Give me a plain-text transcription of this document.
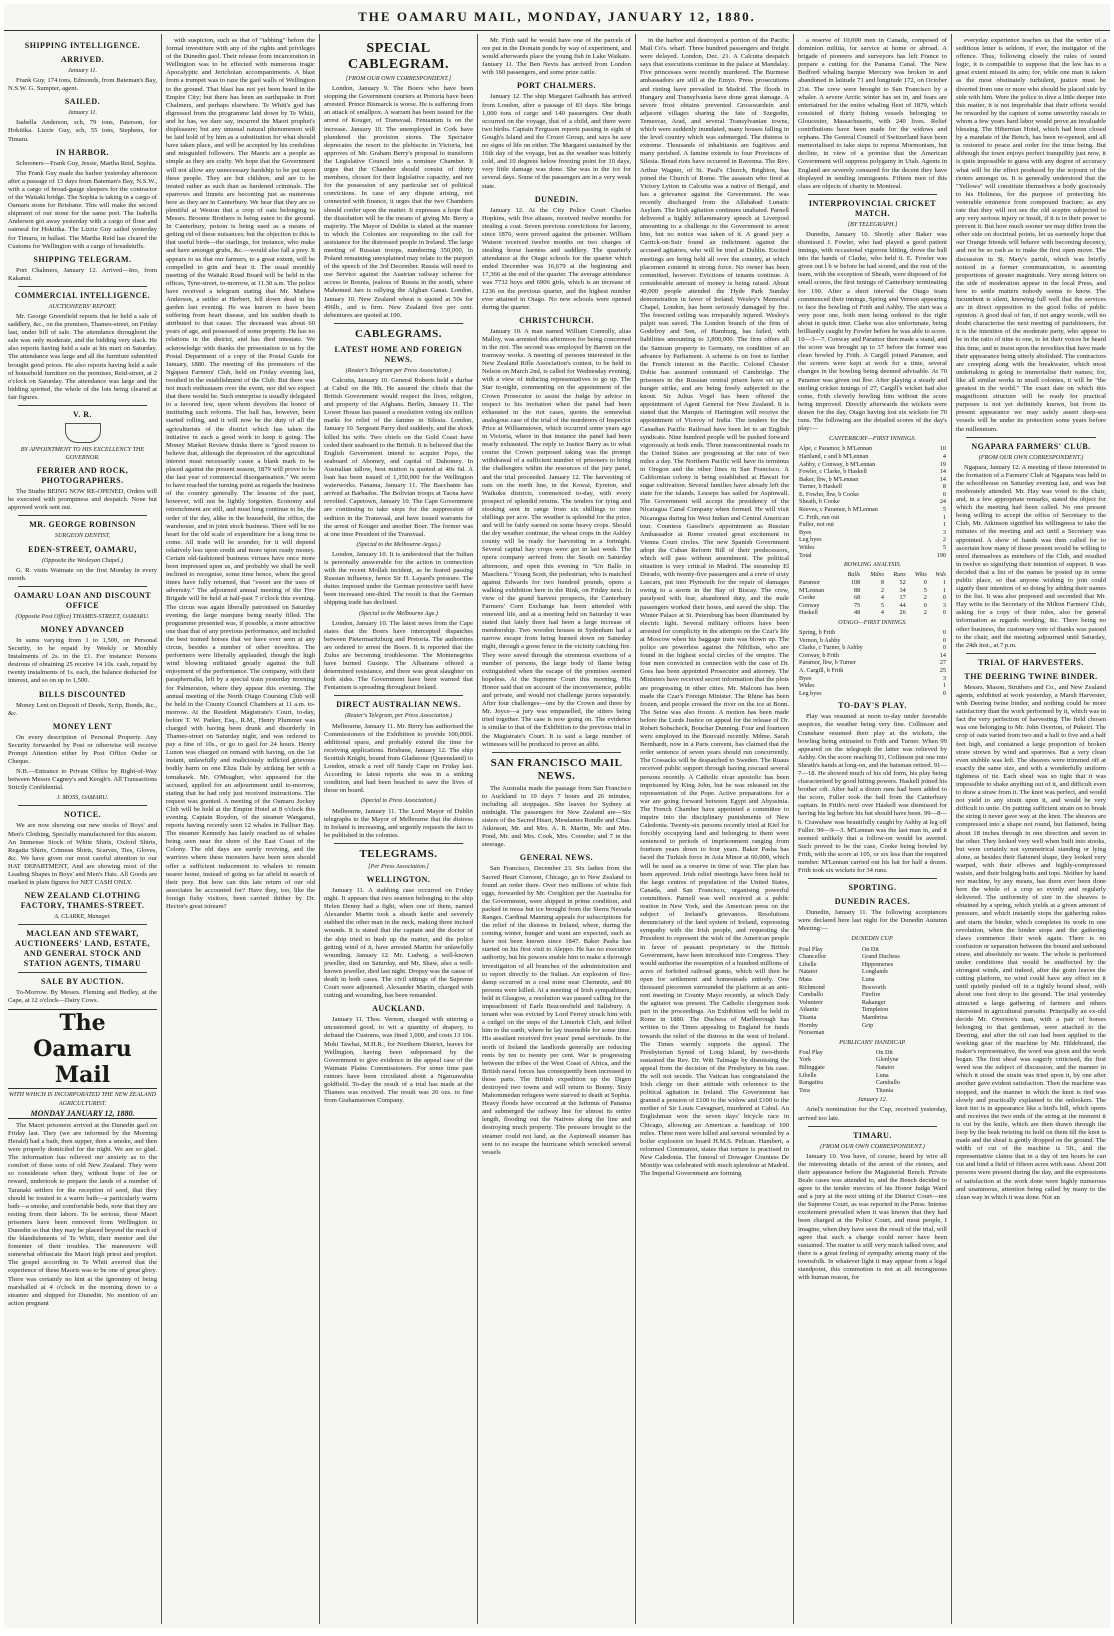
THE OAMARU MAIL, MONDAY, JANUARY 12, 1880.
SHIPPING INTELLIGENCE.
ARRIVED.
January 11.

Frank Guy, 174 tons, Edmonds, from Bateman's Bay, N.S.W. G. Sumpter, agent.

SAILED.
January 11.

Isabella Anderson, sch, 79 tons, Paterson, for Hokitika. Lizzie Guy, sch, 55 tons, Stephens, for Timaru.

IN HARBOR.

Schooners—Frank Guy, Jessie, Martha Reid, Sophia.

The Frank Guy made the harbor yesterday afternoon after a passage of 13 days from Bateman's Bay, N.S.W., with a cargo of broad-gauge sleepers for the contractor of the Waitaki bridge. The Sophia is taking in a cargo of Oamaru stone for Brisbane. This will make the second shipment of our stone for the same port. The Isabella Anderson got away yesterday with a cargo of flour and oatmeal for Hokitika. The Lizzie Guy sailed yesterday for Timaru, in ballast. The Martha Reid has cleared the Customs for Wellington with a cargo of breadstuffs.

SHIPPING TELEGRAM.

Port Chalmers, January 12. Arrived—Ino, from Kakanui.

COMMERCIAL INTELLIGENCE.
AUCTIONEERS' REPORT.

Mr. George Greenfield reports that he held a sale of saddlery, &c., on the premises, Thames-street, on Friday last, under bill of sale. The attendance throughout the sale was only moderate, and the bidding very slack. He also reports having held a sale at his mart on Saturday. The attendance was large and all the furniture submitted brought good prices. He also reports having held a sale of household furniture on the premises, Reid-street, at 2 o'clock on Saturday. The attendance was large and the bidding spirited, the whole of the lots being cleared at fair figures.

V. R.
BY APPOINTMENT TO HIS EXCELLENCY THE GOVERNOR.
FERRIER AND ROCK, PHOTOGRAPHERS.

The Studio BEING NOW RE-OPENED, Orders will be executed with promptness and despatch. None but approved work sent out.

MR. GEORGE ROBINSON
SURGEON DENTIST,
EDEN-STREET, OAMARU,
(Opposite the Wesleyan Chapel.)

G. R. visits Waimate on the first Monday in every month.

OAMARU LOAN AND DISCOUNT OFFICE
(Opposite Post Office) THAMES-STREET, OAMARU.
MONEY ADVANCED

In sums varying from 1 to 1,500, on Personal Security, to be repaid by Weekly or Monthly Instalments of 2s. in the £1. For instance: Persons desirous of obtaining 25 receive 14 10s. cash, repaid by twenty instalments of 1s. each, the balance deducted for interest, and so on up to 1,500.

BILLS DISCOUNTED

Money Lent on Deposit of Deeds, Scrip, Bonds, &c., &c.

MONEY LENT

On every description of Personal Property. Any Security forwarded by Post or otherwise will receive Prompt Attention either by Post Office Order or Cheque.

N.B.—Entrance to Private Office by Right-of-Way between Messrs Cagney's and Keogh's. All Transactions Strictly Confidential.

J. MOSS, OAMARU.
NOTICE.

We are now showing our new stocks of Boys' and Men's Clothing, Specially manufactured for this season. An Immense Stock of White Shirts, Oxford Shirts, Regatta Shirts, Crimean Shirts, Scarves, Ties, Gloves, &c. We have given our most careful attention to our HAT DEPARTMENT, And are showing most of the Leading Shapes in Boys' and Men's Hats. All Goods are marked in plain figures for NET CASH ONLY.

NEW ZEALAND CLOTHING FACTORY, THAMES-STREET.
A. CLARKE, Manager.
MACLEAN AND STEWART, AUCTIONEERS' LAND, ESTATE, AND GENERAL STOCK AND STATION AGENTS, TIMARU
SALE BY AUCTION.

To-Morrow. By Messrs. Fleming and Hedley, at the Cape, at 12 o'clock—Dairy Cows.

The Oamaru Mail
WITH WHICH IS INCORPORATED THE NEW ZEALAND AGRICULTURIST.
MONDAY JANUARY 12, 1880.

The Maori prisoners arrived at the Dunedin gaol on Friday last. They (we are informed by the Morning Herald) had a bath, then supper, then a smoke, and then were properly domiciled for the night. We are so glad. The information has relieved our anxiety as to the comfort of these sons of old New Zealand. They were so considerate when they, without hope of fee or reward, undertook to prepare the lands of a number of Taranaki settlers for the reception of seed, that they should be treated to a warm bath—a particularly warm bath—a smoke, and comfortable beds, now that they are resting from their labors. To be serious, these Maori prisoners have been removed from Wellington to Dunedin so that they may be placed beyond the reach of the blandishments of Te Whiti, their mentor and the fomenter of their troubles. The manoeuvre will somewhat obfuscate the Maori high priest and prophet. The gospel according to Te Whiti averred that the experience of these Maoris was to be one of great glory. There was certainly no hint at the ignominy of being marshalled at 4 o'clock in the morning down to a steamer and shipped for Dunedin. No mention of an action pregnant

with suspicion, such as that of "tabbing" before the formal investiture with any of the rights and privileges of the Dunedin gaol. Their release from incarceration in Wellington was to be effected with numerous tragic Apocalyptic and Jerichoian accompaniments. A blast from a trumpet was to raze the gaol walls of Wellington to the ground. That blast has not yet been heard in the Empire City; but there has been an earthquake in Port Chalmers, and perhaps elsewhere. Te Whiti's god has digressed from the programme laid down by Te Whiti, and he has, we dare say, incurred the Maori prophet's displeasure; but any unusual natural phenomenon will be laid hold of by him as a substitution for what should have taken place, and will be accepted by his credulous and misguided followers. The Maoris are a people as simple as they are crafty. We hope that the Government will not allow any unnecessary hardship to be put upon these people. They are but children, and are to be treated rather as such than as hardened criminals. The sparrows and linnets are becoming just as numerous here as they are in Canterbury. We hear that they are so plentiful at Weston that a crop of oats belonging to Messrs. Broome Brothers is being eaten to the ground. In Canterbury, poison is being used as a means of getting rid of these nuisances; but the objection to this is that useful birds—the starlings, for instance, who make and have amongst grubs, &c.—would also fall a prey. It appears to us that our farmers, to a great extent, will be compelled to grin and bear it. The usual monthly meeting of the Waitaki Road Board will be held in the offices, Tyne-street, to-morrow, at 11.30 a.m. The police have received a telegram stating that Mr. Mathew Anderson, a settler at Herbert, fell down dead in his garden last evening. He was known to have been suffering from heart disease, and his sudden death is attributed to that cause. The deceased was about 60 years of age, and possessed of some property. He has no relations in the district, and has died intestate. We acknowledge with thanks the presentation to us by the Postal Department of a copy of the Postal Guide for January, 1880. The meeting of the promoters of the Ngapara Farmers' Club, held on Friday evening last, resulted in the establishment of the Club. But there was not much enthusiasm over the event, nor did we expect that there would be. Such enterprise is usually delegated to a favored few, upon whom devolves the honor of instituting such reforms. The ball has, however, been started rolling, and it will now be the duty of all the agriculturists of the district which has taken the initiative in such a good work to keep it going. The Money Market Review thinks there is "good reason to believe that, although the depression of the agricultural interest must necessarily cause a blank mark to be placed against the present season, 1879 will prove to be the last year of commercial disorganisation." We seem to have reached the turning point as regards the business of the country generally. The lessons of the past, however, will not be lightly forgotten. Economy and retrenchment are still, and must long continue to be, the order of the day, alike in the household, the office, the warehouse, and in joint stock business. There will be no heart for the old scale of expenditure for a long time to come. All trade will be sounder, for it will depend relatively less upon credit and more upon ready money. Certain old-fashioned business virtues have once more been impressed upon us, and probably we shall be well inclined to recognise, some time hence, when the good times have fully returned, that "sweet are the uses of adversity." The adjourned annual meeting of the Fire Brigade will be held at half-past 7 o'clock this evening. The circus was again liberally patronised on Saturday evening, the large marquee being nearly filled. The programme presented was, if possible, a more attractive one than that of any previous performance, and included the best trained horses that we have ever seen at any circus, besides a number of other novelties. The performers were liberally applauded, though the high wind blowing militated greatly against the full enjoyment of the performance. The company, with their paraphernalia, left by a special train yesterday morning for Palmerston, where they appear this evening. The annual meeting of the North Otago Coursing Club will be held in the County Council Chambers at 11 a.m. to-morrow. At the Resident Magistrate's Court, to-day, before T. W. Parker, Esq., R.M., Henry Plummer was charged with having been drunk and disorderly in Thames-street on Saturday night, and was ordered to pay a fine of 10s., or go to gaol for 24 hours. Henry Lunon was charged on remand with having, on the 1st instant, unlawfully and maliciously inflicted grievous bodily harm on one Eliza Dale by striking her with a tomahawk. Mr. O'Meagher, who appeared for the accused, applied for an adjournment until to-morrow, stating that he had only just received instructions. The request was granted. A meeting of the Oamaru Jockey Club will be held at the Empire Hotel at 8 o'clock this evening. Captain Roydon, of the steamer Wanganui, reports having recently seen 12 whales in Palliser Bay. The steamer Kennedy has lately reached us of whales being seen near the shore of the East Coast of the Colony. The old days are surely reviving, and the warriors where these monsters have been seen should offer a sufficient inducement to whalers to remain nearer home, instead of going so far afield in search of their prey. But how can this late return of our old associates be accounted for? Have they, too, like the foreign fishy visitors, been carried thither by Dr. Hector's great istream?

SPECIAL CABLEGRAM.
[FROM OUR OWN CORRESPONDENT.]

London, January 9. The Boers who have been stopping the Government couriers at Pretoria have been arrested. Prince Bismarck is worse. He is suffering from an attack of smallpox. A warrant has been issued for the arrest of Kouger, of Transvaal. Fenianism is on the increase. January 10. The unemployed in Cork have plundered the provision stores. The Spectator deprecates the resort to the plebiscite in Victoria, but approves of Mr. Graham Berry's proposal to transform the Legislative Council into a nominee Chamber. It urges that the Chamber should consist of thirty members, chosen for their legislative capacity, and not for the possession of any particular set of political convictions. In case of any dispute arising, not connected with finance, it urges that the two Chambers should confer upon the matter. It expresses a hope that the dissolution will be the means of giving Mr. Berry a majority. The Mayor of Dublin is elated at the manner in which the Colonies are responding to the call for assistance for the distressed people in Ireland. The large meeting of Russian troops, numbering 350,000, in Poland remaining unexplained may relate to the purport of the speech of the 3rd December. Russia will need to use Service against the Austrian railway scheme for access to Bosnia, jealous of Russia in the south, where Mahomed Jars is rallying the Afghan Ganat. London, January 10. New Zealand wheat is quoted at 50s for 496lb., and is firm. New Zealand five per cent. debentures are quoted at 100.

CABLEGRAMS.
LATEST HOME AND FOREIGN NEWS.
(Reuter's Telegram per Press Association.)

Calcutta, January 10. General Roberts held a durbar at Cabul on the 9th. He assured the chiefs that the British Government would respect the lives, religion, and property of the Afghans. Berlin, January 11. The Lower House has passed a resolution voting six million marks for relief of the famine in Silesia. London, January 10. Sergeant Parry died suddenly, and the shock killed his wife. Two chiefs on the Gold Coast have ceded their seaboard to the British. It is believed that the English Government intend to acquire Popo, the seaboard of Abomey, and capital of Dahomey. In Australian tallow, best mutton is quoted at 40s 6d. A loan has been issued of 1,350,000 for the Wellington waterworks. Panama, January 11. The Bacchante has arrived at Barbados. The Bolivian troops at Tacna have revolted. Capetown, January 10. The Cape Government are continuing to take steps for the suppression of sedition in the Transvaal, and have issued warrants for the arrest of Kouger and another Boer. The former was at one time President of the Transvaal.

(Special to the Melbourne Argus.)

London, January 10. It is understood that the Sultan is personally answerable for the action in connection with the recent Mollah incident, as he feared passing Russian influence, hence Sir H. Layard's pressure. The duties imposed under the German protective tariff have been increased one-third. The result is that the German shipping trade has declined.

(Special to the Melbourne Age.)

London, January 10. The latest news from the Cape states that the Boers have intercepted dispatches between Pietermaritzburg and Pretoria. The authorities are ordered to arrest the Boers. It is reported that the Zulus are becoming troublesome. The Montenegrins have burned Gusinje. The Albanians offered a determined resistance, and there was great slaughter on both sides. The Government have been warned that Fenianism is spreading throughout Ireland.

DIRECT AUSTRALIAN NEWS.
(Reuter's Telegram, per Press Association.)

Melbourne, January 11. Mr. Berry has authorised the Commissioners of the Exhibition to provide 100,000l. additional space, and probably extend the time for receiving applications. Brisbane, January 12. The ship Scottish Knight, bound from Gladstone (Queensland) to London, struck a reef off Sandy Cape on Friday last. According to latest reports she was in a sinking condition, and had been beached to save the lives of those on board.

(Special to Press Association.)

Melbourne, January 11. The Lord Mayor of Dublin telegraphs to the Mayor of Melbourne that the distress in Ireland is increasing, and urgently requests the fact to be published in the colonies.

TELEGRAMS.
[Per Press Association.]
WELLINGTON.

January 11. A stabbing case occurred on Friday night. It appears that two seamen belonging to the ship Helen Denny had a fight, when one of them, named Alexander Martin took a sheath knife and severely stabbed the other man in the neck, making three incised wounds. It is stated that the captain and the doctor of the ship tried to hush up the matter, and the police getting wind of it, have arrested Martin for unlawfully wounding. January 12. Mr. Ludwig, a well-known jeweller, died on Saturday, and Mr. Shaw, also a well-known jeweller, died last night. Dropsy was the cause of death in both cases. The civil sittings of the Supreme Court were adjourned. Alexander Martin, charged with cutting and wounding, has been remanded.

AUCKLAND.

January 11. Thos. Vernon, charged with uttering a uncustomed good, to wit a quantity of drapery, to defraud the Customs, was fined 1,000, and costs 13 10s. Mohi Tawhai, M.H.R., for Northern District, leaves for Wellington, having been subpoenaed by the Government to give evidence in the appeal case of the Waimate Plains Commissioners. For some time past rumors have been circulated about a Ngaruawahia goldfield. To-day the result of a trial has made at the Thames was received. The result was 20 ozs. to fine from Grahamstown Company.

Mr. Firth said he would have one of the parcels of ore put in the Domain ponds by way of experiment, and would afterwards place the young fish in Lake Waikato. January 11. The Ben Nevis has arrived from London with 160 passengers, and some prize cattle.

PORT CHALMERS.

January 12. The ship Margaret Galbraith has arrived from London, after a passage of 83 days. She brings 1,000 tons of cargo and 140 passengers. One death occurred on the voyage, that of a child, and there were two births. Captain Ferguson reports passing in sight of Gough's Island and the Crozet Group, and says he saw no signs of life on either. The Margaret sustained by the 16th day of the voyage, but as the weather was bitterly cold, and 10 degrees below freezing point for 10 days, very little damage was done. She was in the ice for several days. Some of the passengers are in a very weak state.

DUNEDIN.

January 12. At the City Police Court Charles Hopkins, with five aliases, received twelve months for stealing a coat. Seven previous convictions for larceny, since 1876, were proved against the prisoner. William Watson received twelve months on two charges of stealing horse harness and saddlery. The quarterly attendance at the Otago schools for the quarter which ended December was 16,679 at the beginning and 17,366 at the end of the quarter. The average attendance was 7732 boys and 6906 girls, which is an increase of 1236 on the previous quarter, and the highest number ever attained in Otago. No new schools were opened during the quarter.

CHRISTCHURCH.

January 10. A man named William Connolly, alias Malloy, was arrested this afternoon for being concerned in the riot. The second was employed by Barrett on the tramway works. A meeting of persons interested in the New Zealand Rifle Association's contest, to be held in Nelson on March 2nd, is called for Wednesday evening, with a view of inducing representatives to go up. The Star to-night, commenting on the appointment of the Crown Prosecutor to assist the Judge by advice in respect to his invitation when the panel had been exhausted in the riot cases, quotes the somewhat analogous case of the trial of the murderers of Inspector Price at Williamstown, which occurred some years ago in Victoria, where in that instance the panel had been nearly exhausted. The reply to Justice Barry as to what course the Crown purposed taking was the prompt withdrawal of a sufficient number of prisoners to bring the challengers within the resources of the jury panel, and the trial proceeded. January 12. The harvesting of oats on the north line, in the Kowai, Eyreton, and Waikuku districts, commenced to-day, with every prospect of splendid returns. The tenders for tying and stooking sent in range from six shillings to nine shillings per acre. The weather is splendid for the price, and will be fairly earned on some heavy crops. Should the dry weather continue, the wheat crops in the Ashley county will be ready for harvesting in a fortnight. Several capital hay crops were got in last week. The opera company arrived from the South on Saturday afternoon, and open this evening in "Un Ballo in Maschera." Young Scott, the pedestrian, who is matched against Edwards for two hundred pounds, opens a walking exhibition here in the Rink, on Friday next. In view of the grand harvest prospects, the Canterbury Farmers' Corn Exchange has been attended with renewed life, and at a meeting held on Saturday it was stated that lately there had been a large increase of membership. Two wooden houses in Sydenham had a narrow escape from being burned down on Saturday night, through a gorse fence in the vicinity catching fire. They were saved through the strenuous exertions of a number of persons, the large body of flame being extinguished when the escape of the premises seemed hopeless. At the Supreme Court this morning, His Honor said that on account of the inconvenience, public and private, and would not challenge jurors separately. After four challenges—one by the Crown and three by Mr. Joyce—a jury was empanelled, the sitters being tried together. The case is now going on. The evidence is similar to that of the Exhibition to the previous trial in the Magistrate's Court. It is said a large number of witnesses will be produced to prove an alibi.

SAN FRANCISCO MAIL NEWS.

The Australia made the passage from San Francisco to Auckland in 19 days 7 hours and 26 minutes, including all stoppages. She leaves for Sydney at midnight. The passengers for New Zealand are—Six sisters of the Sacred Heart, Mesdames Rendle and Chas. Atkinson, Mr. and Mrs. A. B. Martin, Mr. and Mrs. Pond, Mr. and Mrs. Cook, Mrs. Coombe; and 7 in the steerage.

GENERAL NEWS.

San Francisco, December 23. Six ladies from the Sacred Heart Convent, Chicago, go to New Zealand to found an order there. Over two millions of white fish eggs, forwarded by Mr. Creighton per the Australia for the Government, were shipped in prime condition, and packed in moss but ice brought from the Sierra Nevada Ranges. Cardinal Manning appeals for subscriptions for the relief of the distress in Ireland, where, during the coming winter, hunger and want are expected, such as have not been known since 1847. Baker Pasha has started on his first visit to Aleppo. He has no executive authority, but his powers enable him to make a thorough investigation of all branches of the administration and to report directly to the Sultan. An explosion of fire-damp occurred in a coal mine near Chemnitz, and 80 persons were killed. At a meeting of Irish sympathisers, held in Glasgow, a resolution was passed calling for the impeachment of Earls Beaconsfield and Salisbury. A tenant who was evicted by Lord Ferrey struck him with a cudgel on the steps of the Limerick Club, and felled him to the earth, where he lay insensible for some time. His assailant received five years' penal servitude. In the north of Ireland the landlords generally are reducing rents by ten to twenty per cent. War is progressing between the tribes of the West Coast of Africa, and the British naval forces has consequently been increased in those parts. The British expedition up the Digen destroyed two towns and will return to Bonny. Sixty Mahommedan refugees were starved to death at Sophia. Heavy floods have occurred at the Isthmus of Panama and submerged the railway line for almost its entire length, flooding out the Natives along the line and destroying much property. The pressure brought to the steamer could not land, as the Aspinwall steamer has sent to no escape the hurricane which wrecked several vessels

in the harbor and destroyed a portion of the Pacific Mail Co's. wharf. Three hundred passengers and freight were delayed. London, Dec. 21. A Calcutta despatch says that executions continue in the palace at Mandalay. Five princesses were recently murdered. The Burmese ambassadors are still at the Emyo. Press prosecutions and rioting have prevailed in Madrid. The floods in Hungary and Transylvania have done great damage. A severe frost obtains prevented Grosswardein and adjacent villages sharing the fate of Szegedin, Temesvar, Arad, and several Transylvanian towns, which were suddenly inundated, many houses falling in the level country which was submerged. The distress is extreme. Thousands of inhabitants are fugitives and many perished. A famine extends to four Provinces of Silesia. Bread riots have occurred in Ravenna. The Rev. Arthur Wagner, of St. Paul's Church, Brighton, has joined the Church of Rome. The assassin who fired at Victory Lytton in Calcutta was a native of Bengal, and has a grievance against the Government. He was recently discharged from the Allahabad Lunatic Asylum. The Irish agitation continues unabated. Parnell delivered a highly inflammatory speech at Liverpool amounting to a challenge to the Government to arrest him, but no notice was taken of it. A grand jury a Carrick-on-Suir found an indictment against the accused agitators, who will be tried at Dublin. Excited meetings are being held all over the country, at which placemen contend in strong force. No owner has been committed, however. Evictions of tenants continue. A considerable amount of money is being raised. About 40,000 people attended the Hyde Park Sunday demonstration in favor of Ireland. Wesley's Memorial Chapel, London, has been seriously damaged by fire. The frescoed ceiling was irreparably injured. Wesley's pulpit was saved. The London branch of the firm of Godefroy and Son, of Hamburg, has failed, with liabilities amounting to 1,800,000. The firm offers all the Samoan property to Germany, on condition of an advance by Parliament. A scheme is on foot to further the French interest in the Pacific. Colonel Chester Dobie has assumed command of Cambridge. The prisoners in the Russian central prison have set up a hunger strike, and are being freely subjected to the knout. Sir Julius Vogel has been offered the appointment of Agent General for New Zealand. It is stated that the Marquis of Hartington will receive the appointment of Viceroy of India. The tenders for the Canadian Pacific Railroad have been let to an English syndicate. Nine hundred people will be pushed forward vigorously at both ends. Three transcontinental roads in the United States are progressing at the rate of two miles a day. The Northern Pacific will have its terminus in Oregon and the other lines in San Francisco. A Californian colony is being established at Hawaii for sugar cultivation. Several families have already left the state for the islands. Lesseps has sailed for Aspinwall. The Government will accept the presidency of the Nicaragua Canal Company when formed. He will visit Nicaragua during his West Indian and Central American tour. Countess Gasoline's appointment as Russian Ambassador at Rome created great excitement in Vienna Court circles. The new Spanish Government adopt the Cuban Reform Bill of their predecessors, which will pass without amendment. The political situation is very critical in Madrid. The steamship El Dorado, with twenty-five passengers and a crew of sixty Lascars, put into Plymouth for the repair of damages owing to a storm in the Bay of Biscay. The crew, paralysed with fear, abandoned duty, and the male passengers worked their hoses, and saved the ship. The Winter Palace at St. Petersburg has been illuminated by electric light. Several military officers have been arrested for complicity in the attempts on the Czar's life at Moscow when his baggage train was blown up. The police are powerless against the Nihilists, who are found in the highest social circles of the empire. The four men convicted in connection with the case of Dr. Goss has been appointed Prosecutor and attorney. The Ministers have received secret information that the plots are progressing in other cities. Mr. Malconi has been made the Czar's Foreign Minister. The Rhine has been frozen, and people crossed the river on the ice at Bonn. The Seine was also frozen. A motion has been made before the Lords Justice on appeal for the release of Dr. Robert Sobscheck, Bouchar Dunning. Four and fourteen were employed in the Bouvaid recently. Mdme. Sarah Bernhardt, now in a Paris convent, has claimed that the order sentence of seven years should run concurrently. The Cossacks will be despatched to Sweden. The Ruaus received public support through having rescued several persons recently. A Catholic vicar apostolic has been imprisoned by King John, but he was released on the representation of the Pope. Active preparations for a war are going forward between Egypt and Abyssinia. The French Chamber have appointed a committee to inquire into the disciplinary punishments of New Caledonia. Twenty-six persons recently tried at Kief for forcibly occupying land and belonging to them were sentenced to periods of imprisonment ranging from fourteen years down to four years. Baker Pasha has faced the Turkish force in Asia Minor at 60,000, which will be used as a reserve in time of war. The plan has been approved. Irish relief meetings have been held in the large centres of population of the United States, Canada, and San Francisco, organising powerful committees. Parnell was well received at a public oration in New York, and the American press on the subject of Ireland's grievances. Resolutions denunciatory of the land system of Ireland, expressing sympathy with the Irish people, and requesting the President to represent the wish of the American people in favor of peasant proprietary to the British Government, have been introduced into Congress. They would authorise the resumption of a hundred millions of acres of forfeited railroad grants, which will then be open for settlement and homesteads entirely. One thousand piecemen surrounded the platform at an anti-rent meeting in County Mayo recently, at which Daly the agitator was present. The Catholic clergymen took part in the proceedings. An Exhibition will be held in Rome in 1880. The Duchess of Marlborough has written to the Times appealing to England for funds towards the relief of the distress in the west of Ireland. The Times warmly supports the appeal. The Presbyterian Synod of Long Island, by two-thirds sustained the Rev. Dr. Witt Talmage by dismissing the appeal from the decision of the Presbytery in his case. He will not secede. The Vatican has congratulated the Irish clergy on their attitude with reference to the political agitation in Ireland. The Government has granted a pension of £100 to the widow and £100 to the mother of Sir Louis Cavagnari, murdered at Cabul. An Englishman won the seven days' bicycle race in Chicago, allowing an American a handicap of 100 miles. Three men were killed and several wounded by a boiler explosion on board H.M.S. Pelican. Hambert, a reformed Communist, states that torture is practised in New Caledonia. The funeral of Dowager Countess De Montijo was celebrated with much splendour at Madrid. The Imperial Government are forming

a reserve of 10,000 men in Canada, composed of dominion militia, for service at home or abroad. A brigade of pioneers and surveyors has left France to prepare a cutting for the Panama Canal. The New Bedford whaling barque Mercury was broken in and abandoned in latitude 71 and longitude 172, on October 21st. The crew were brought to San Francisco by a whaler. A severe Arctic winter has set in, and fears are entertained for the entire whaling fleet of 1879, which consisted of thirty fishing vessels belonging to Gloucester, Massachusetts, with 240 lives. Relief contributions have been made for the widows and orphans. The General Council of Switzerland have been memorialised to take steps to repress Mormonism, but decline, in view of a promise that the American Government will suppress polygamy in Utah. Agents in England are severely censured for the decent they have displayed in sending immigrants. Fifteen men of this class are objects of charity in Montreal.

INTERPROVINCIAL CRICKET MATCH.
[BY TELEGRAPH.]

Dunedin, January 10. Shortly after Baker was dismissed J. Fowler, who had played a good patient innings, with occasional vigorous hitting, drove the ball into the hands of Clarke, who held it. E. Fowler was given out l b w before he had scored, and the rest of the team, with the exception of Sheath, were disposed of for small scores, the first innings of Canterbury terminating for 190. After a short interval the Otago team commenced their innings, Spring and Vernon appearing to face the bowling of Frith and Ashby. The start was a very poor one, both men being ordered to the right about in quick time. Clarke was also unfortunate, being brilliantly caught by Fowler before he was able to score. 10—3—7. Conway and Paramor then made a stand, and the score was brought up to 37 before the former was clean bowled by Frith. A Cargill joined Paramor, and the scorers were kept at work for a time, several changes in the bowling being deemed advisable. At 70 Paramor was given out lbw. After playing a steady and sterling cricket innings of 27, Cargill's wicket had also come, Frith cleverly bowling him without the score being improved. Directly afterwards the wickets were drawn for the day, Otago having lost six wickets for 70 runs. The following are the detailed scores of the day's play:—

CANTERBURY—FIRST INNINGS.
Alpe, c Paramor, b M'Lennan	10
Hartland, c and b M'Lennan	4
Ashby, c Conway, b M'Lennan	19
Fowler, c Clarke, b Haskell	14
Baker, lbw, b M'Lennan	14
Turner, b Haskell	8
E. Fowler, lbw, b Cooke	0
Sheath, b Cooke	24
Reeves, c Paramor, b M'Lennan	5
C. Frith, run out	1
Fuller, not out	1
Byes	3
Leg byes	2
Wides	5
Total	190
BOWLING ANALYSIS.
	Balls	Mdns	Runs	Wkts	Wds
Paramor	108	8	52	0	1
M'Lennan	88	2	34	5	1
Cooke	68	4	17	2	0
Conway	75	5	44	0	3
Haskell	48	4	26	2	0
OTAGO—FIRST INNINGS.
Spring, b Frith	0
Vernon, b Ashby	0
Clarke, c Turner, b Ashby	0
Conway, b Frith	14
Paramor, lbw, b Turner	27
A. Cargill, b Frith	25
Byes	3
Wides	1
Leg byes	0
TO-DAY'S PLAY.

Play was resumed at noon to-day under favorable auspices, the weather being very fine. Collinson and Cranshaw resumed their play at the wickets, the bowling being entrusted to Frith and Turner. When 99 appeared on the telegraph the latter was relieved by Ashby. On the score reaching 91, Collinson put one into Sheath's hands at long-on, and the batsman retired. 91—7—18. He showed much of his old form, his play being characterised by good hitting powers. Haskell joined his brother cdt. After half a dozen runs had been added to the score, Fuller took the ball from the Canterbury captain. In Frith's next over Haskell was dismissed for having his leg before his bat should have been. 99—8—6. Crawshaw was beautifully caught by Ashby at leg off Fuller. 99—9—3. M'Lennan was the last man in, and it seemed unlikely that a follow-on would be averted. Such proved to be the case, Cooke being bowled by Frith, with the score at 105, or six less than the required number. M'Lennan carried out his bat for half a dozen. Frith took six wickets for 34 runs.

SPORTING.
DUNEDIN RACES.

Dunedin, January 11. The following acceptances were declared here last night for the Dunedin Autumn Meeting:—

DUNEDIN CUP.
Foul Play	On Dit
Chancellor	Grand Duchess
Libelle	Hippomenes
Natator	Longlands
Mata	Luna
Richmond	Bosworth
Camballo	Firefire
Volunteer	Rakanger
Atlantic	Templeton
Titania	Mambrina
Hornby	Grip
Norseman	
PUBLICANS' HANDICAP.
Foul Play	On Dit
York	Glenlyne
Bilinggate	Natator
Libelle	Luna
Rangatira	Camballo
Tera	Titania
January 12.

Ariel's nomination for the Cup, received yesterday, arrived too late.

TIMARU.
(FROM OUR OWN CORRESPONDENT.)

January 10. You have, of course, heard by wire all the interesting details of the arrest of the rioters, and their appearance before the Magisterial Bench. Private Beale cases was attended to, and the Bench decided to agree to the tender mercies of his Honor Judge Ward and a jury at the next sitting of the District Court—not the Supreme Court, as was reported in the Press. Intense excitement prevailed when it was known that they had been charged at the Police Court, and most people, I imagine, when they have seen the result of the trial, will agree that such a charge could never have been sustained. The matter is still very much talked over, and there is a great feeling of sympathy among many of the townsfolk. In whatever light it may appear from a legal standpoint, this commotion is not at all incongruous with human reason, for

everyday experience teaches us that the writer of a seditious letter is seldom, if ever, the instigator of the offence. Thus, following closely the rules of sound logic, it is compatible to suppose that the law has to a great extent missed its aim; for, while one man is taken as the most obstinately turbulent, justice must be diverted from one or more who should be placed side by side with him. Were the police to dive a little deeper into this matter, it is not improbable that their efforts would be rewarded by the capture of some unworthy rascals to whom a few years hard labor would prove an invaluable blessing. The Hibernian Hotel, which had been closed by a mandate of the Bench, has been re-opened, and all is restored to peace and order for the time being. But although the town enjoys perfect tranquility just now, it is quite impossible to guess with any degree of accuracy what will be the effect produced by the sojourn of the rioters amongst us. It is generally understood that the "Yellows" will constitute themselves a body graciously to his Holiness, for the purpose of protecting his venerable eminence from compound fracture; as any rate that they will not see the old sceptre subjected to any very serious injury or insult, if it is in their power to prevent it. But how much sooner we may differ from the other side on doctrinal points, let us earnestly hope that our Orange friends will behave with becoming decency, and not be so rash as to make the first open move. The discussion in St. Mary's parish, which was briefly noticed in a former communication, is assuming proportions of greater magnitude. Very strong letters on the side of moderation appear in the local Press, and how to settle matters nobody seems to know. The incumbent is silent, knowing full well that the services are in direct opposition to the good folks of public opinion. A good deal of fun, if not angry words, will no doubt characterise the next meeting of parishioners, for it is the intention of the moderate party, who appear to be in the ratio of nine to one, to let their voices be heard this time, and to insist upon the novelties that have made their appearance being utterly abolished. The contractors are creeping along with the breakwater, which most undertaking is going to immortalise their names; for, like all similar works in small colonies, it will be "the greatest in the world." The exact date on which this magnificent structure will be ready for practical purposes is not yet definitely known, but from its present appearance we may safely assert deep-sea vessels will be under its protection some years before the millennium.

NGAPARA FARMERS' CLUB.
(FROM OUR OWN CORRESPONDENT.)

Ngapara, January 12. A meeting of those interested in the formation of a Farmers' Club at Ngapara was held in the schoolhouse on Saturday evening last, and was but moderately attended. Mr. Hay was voted to the chair, and, in a few appropriate remarks, stated the object for which the meeting had been called. No one present being willing to accept the office of Secretary to the Club, Mr. Atkinson signified his willingness to take the minutes of the meeting and act until a Secretary was appointed. A show of hands was then called for to ascertain how many of those present would be willing to enrol themselves as members of the Club, and resulted in twelve so signifying their intention of support. It was decided that a list of the names be posted up in some public place, so that anyone wishing to join could signify their intention of so doing by adding their names to the list. It was also proposed and seconded that Mr. Hay write to the Secretary of the Milton Farmers' Club, asking for a copy of their rules, also for general information as regards working, &c. There being no other business, the customary vote of thanks was passed to the chair, and the meeting adjourned until Saturday, the 24th inst., at 7 p.m.

TRIAL OF HARVESTERS.
THE DEERING TWINE BINDER.

Messrs. Mason, Struthers and Co., and New Zealand agents, exhibited at work yesterday, a Marsh Harvester, with Deering twine binder, and nothing could be more satisfactory than the work performed by it, which was in fact the very perfection of harvesting. The field chosen was one belonging to Mr. John Overton, of Pukeiri. The crop of oats varied from two and a half to five and a half feet high, and contained a large proportion of broken straw strewn by wind and sparrows. But a very clean even stubble was left. The sheaves were trimmed off at exactly the same size, and with a wonderfully uniform tightness of tie. Each sheaf was so tight that it was impossible to shake anything out of it, and difficult even to draw a straw from it. The knot was perfect, and would not yield to any strain upon it, and would be very difficult to untie. On putting sufficient strain on to break the string it never gave way at the knot. The sheaves are compressed into a shape not round, but flattened, being about 18 inches through in one direction and seven in the other. They looked very well when built into stooks, but were certainly not symmetrical standing or lying alone, as besides their flattened shape, they looked very warped, with their elbows and highly-compressed waists, and their bulging butts and tops. Neither by hand nor machine, by any means, has there ever been done here the whole of a crop so evenly and regularly delivered. The uniformity of size in the sheaves is obtained by a spring, which yields at a given amount of pressure, and which instantly stops the gathering rakes and starts the binder, which completes its work in one revolution, when the binder stops and the gathering claws commence their work again. There is no confusion or separation between the bound and unbound straw, and absolutely no waste. The whole is performed under conditions that would be unaffected by the strongest winds, and indeed, after the grain leaves the cutting platform, no wind could have any effect on it until quietly pushed off in a tightly bound sheaf, with about one foot drop to the ground. The trial yesterday attracted a large gathering of farmers and others interested in agricultural pursuits. Principally an ex-old decide Mr. Overton's man, with a pair of horses belonging to that gentleman, were attached to the Deering, and after the oil can had been applied to the working gear of the machine by Mr. Hildebrand, the maker's representative, the word was given and the work began. The first sheaf was eagerly criticised, the first weed was the subject of discussion, and the manner in which it stood the strain was tried upon it, by one after another gave evident satisfaction. Then the machine was stopped, and the manner in which the knot is tied was slowly and practically explained to the onlookers. The knot tier is in appearance like a bird's bill, which opens and receives the two ends of the string at the moment it is cut by the knife, which are then drawn through the loop by the beak twisting its hold on them till the knot is made and the sheaf is gently dropped on the ground. The width of cut of the machine is 5ft., and the representative claims that in a day of ten hours he can cut and bind a field of fifteen acres with ease. About 200 persons were present during the day, and the expressions of satisfaction at the work done were highly numerous and unanimous, attention being called by many to the clean way in which it was done. Not an
